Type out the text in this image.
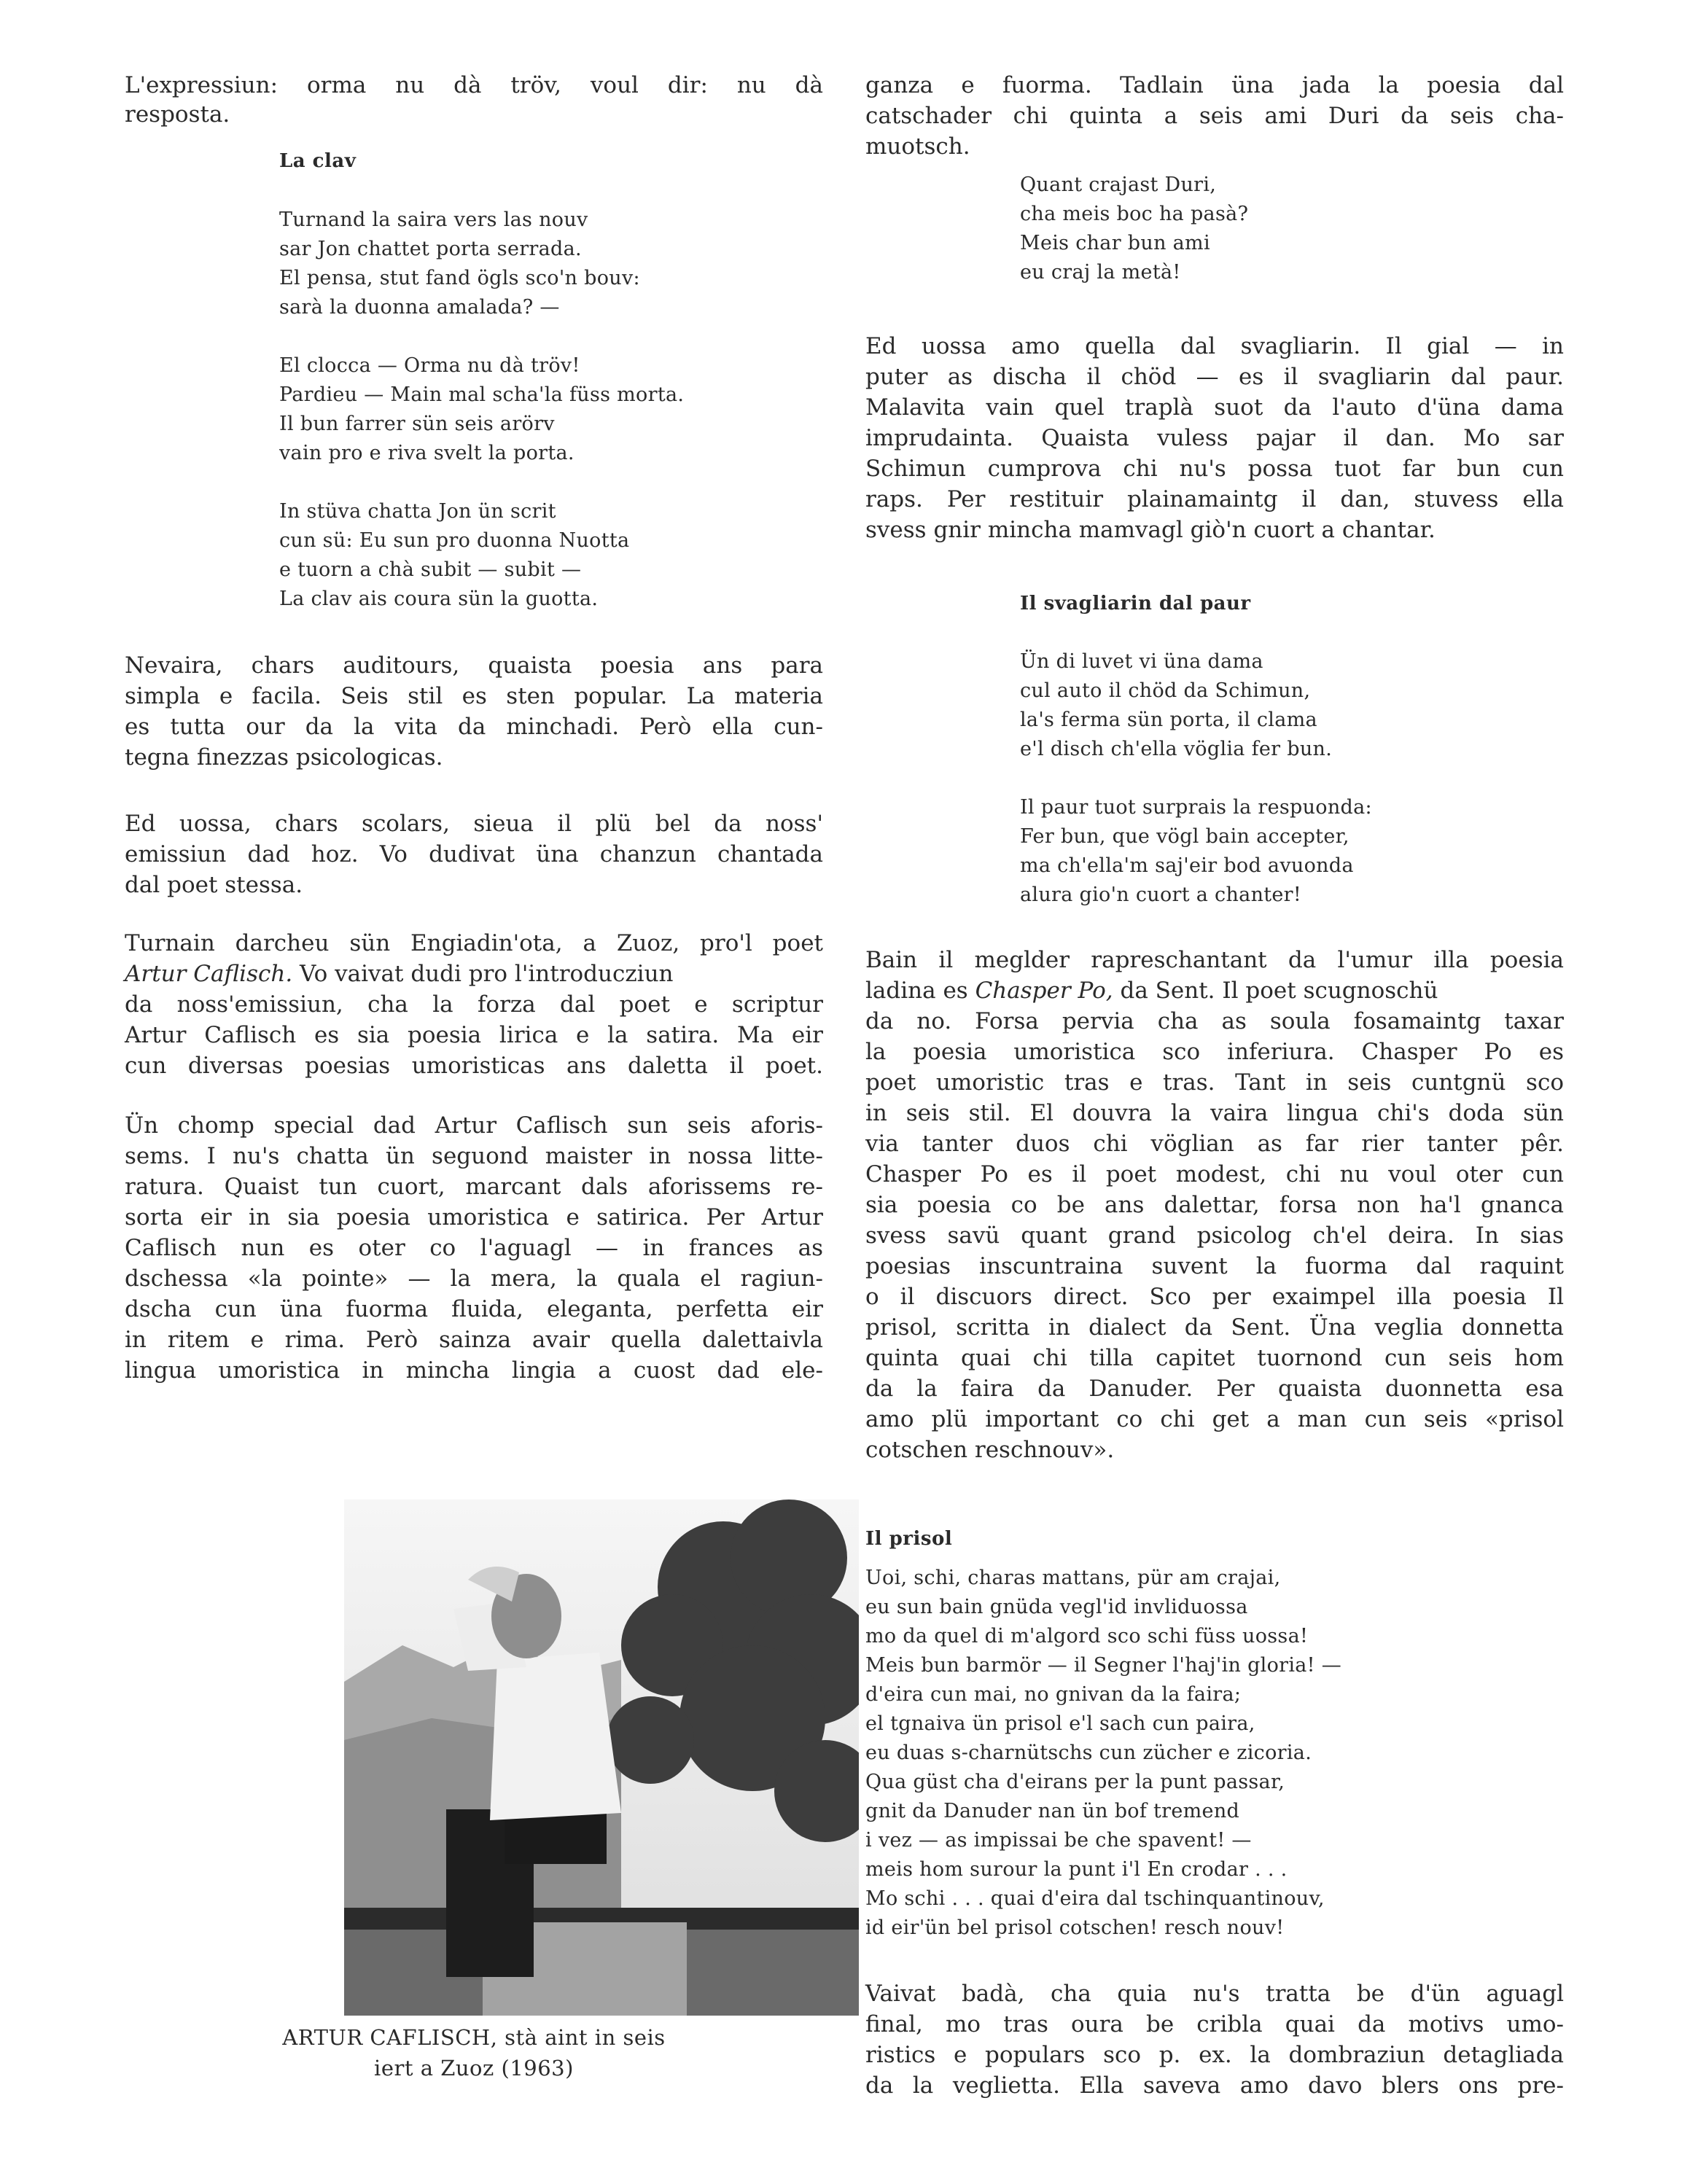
L'expressiun: orma nu dà tröv, voul dir: nu dà
resposta.
La clav
Turnand la saira vers las nouv
sar Jon chattet porta serrada.
El pensa, stut fand ögls sco'n bouv:
sarà la duonna amalada? —
El clocca — Orma nu dà tröv!
Pardieu — Main mal scha'la füss morta.
Il bun farrer sün seis arörv
vain pro e riva svelt la porta.
In stüva chatta Jon ün scrit
cun sü: Eu sun pro duonna Nuotta
e tuorn a chà subit — subit —
La clav ais coura sün la guotta.
Nevaira, chars auditours, quaista poesia ans para
simpla e facila. Seis stil es sten popular. La materia
es tutta our da la vita da minchadi. Però ella cun-
tegna finezzas psicologicas.
Ed uossa, chars scolars, sieua il plü bel da noss'
emissiun dad hoz. Vo dudivat üna chanzun chantada
dal poet stessa.
Turnain darcheu sün Engiadin'ota, a Zuoz, pro'l poet
Artur Caflisch. Vo vaivat dudi pro l'introducziun
da noss'emissiun, cha la forza dal poet e scriptur
Artur Caflisch es sia poesia lirica e la satira. Ma eir
cun diversas poesias umoristicas ans daletta il poet.
Ün chomp special dad Artur Caflisch sun seis aforis-
sems. I nu's chatta ün seguond maister in nossa litte-
ratura. Quaist tun cuort, marcant dals aforissems re-
sorta eir in sia poesia umoristica e satirica. Per Artur
Caflisch nun es oter co l'aguagl — in frances as
dschessa «la pointe» — la mera, la quala el ragiun-
dscha cun üna fuorma fluida, eleganta, perfetta eir
in ritem e rima. Però sainza avair quella dalettaivla
lingua umoristica in mincha lingia a cuost dad ele-
ARTUR CAFLISCH, stà aint in seis
iert a Zuoz (1963)
ganza e fuorma. Tadlain üna jada la poesia dal
catschader chi quinta a seis ami Duri da seis cha-
muotsch.
Quant crajast Duri,
cha meis boc ha pasà?
Meis char bun ami
eu craj la metà!
Ed uossa amo quella dal svagliarin. Il gial — in
puter as discha il chöd — es il svagliarin dal paur.
Malavita vain quel traplà suot da l'auto d'üna dama
imprudainta. Quaista vuless pajar il dan. Mo sar
Schimun cumprova chi nu's possa tuot far bun cun
raps. Per restituir plainamaintg il dan, stuvess ella
svess gnir mincha mamvagl giò'n cuort a chantar.
Il svagliarin dal paur
Ün di luvet vi üna dama
cul auto il chöd da Schimun,
la's ferma sün porta, il clama
e'l disch ch'ella vöglia fer bun.
Il paur tuot surprais la respuonda:
Fer bun, que vögl bain accepter,
ma ch'ella'm saj'eir bod avuonda
alura gio'n cuort a chanter!
Bain il meglder rapreschantant da l'umur illa poesia
ladina es Chasper Po, da Sent. Il poet scugnoschü
da no. Forsa pervia cha as soula fosamaintg taxar
la poesia umoristica sco inferiura. Chasper Po es
poet umoristic tras e tras. Tant in seis cuntgnü sco
in seis stil. El douvra la vaira lingua chi's doda sün
via tanter duos chi vöglian as far rier tanter pêr.
Chasper Po es il poet modest, chi nu voul oter cun
sia poesia co be ans dalettar, forsa non ha'l gnanca
svess savü quant grand psicolog ch'el deira. In sias
poesias inscuntraina suvent la fuorma dal raquint
o il discuors direct. Sco per exaimpel illa poesia Il
prisol, scritta in dialect da Sent. Üna veglia donnetta
quinta quai chi tilla capitet tuornond cun seis hom
da la faira da Danuder. Per quaista duonnetta esa
amo plü important co chi get a man cun seis «prisol
cotschen reschnouv».
Il prisol
Uoi, schi, charas mattans, pür am crajai,
eu sun bain gnüda vegl'id invliduossa
mo da quel di m'algord sco schi füss uossa!
Meis bun barmör — il Segner l'haj'in gloria! —
d'eira cun mai, no gnivan da la faira;
el tgnaiva ün prisol e'l sach cun paira,
eu duas s-charnütschs cun zücher e zicoria.
Qua güst cha d'eirans per la punt passar,
gnit da Danuder nan ün bof tremend
i vez — as impissai be che spavent! —
meis hom surour la punt i'l En crodar . . .
Mo schi . . . quai d'eira dal tschinquantinouv,
id eir'ün bel prisol cotschen! resch nouv!
Vaivat badà, cha quia nu's tratta be d'ün aguagl
final, mo tras oura be cribla quai da motivs umo-
ristics e populars sco p. ex. la dombraziun detagliada
da la veglietta. Ella saveva amo davo blers ons pre-
